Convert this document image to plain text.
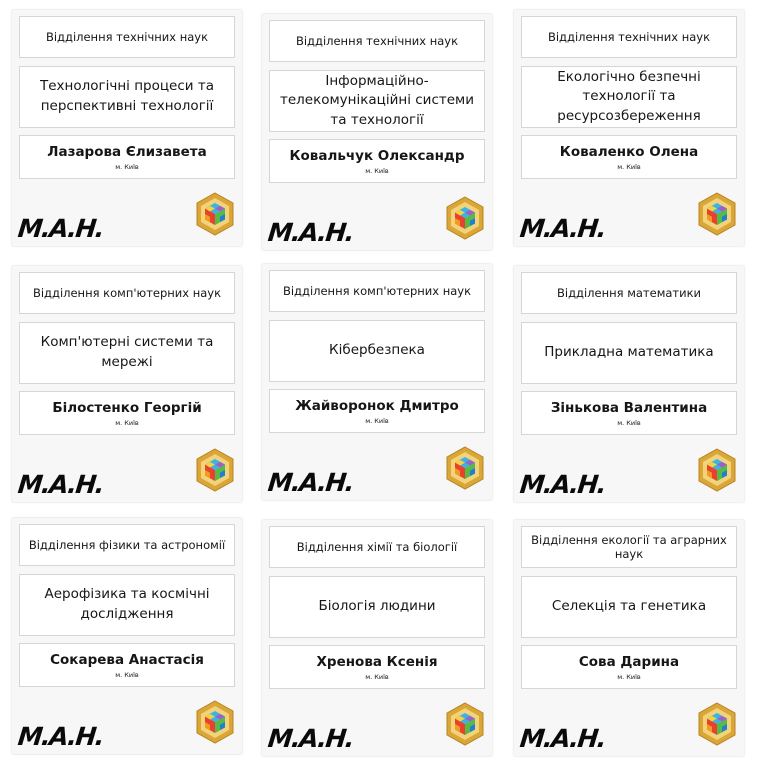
Відділення технічних наук
Технологічні процеси та перспективні технології
Лазарова Єлизавета
м. Київ
M.A.H.
Відділення технічних наук
Інформаційно-телекомунікаційні системи та технології
Ковальчук Олександр
м. Київ
M.A.H.
Відділення технічних наук
Екологічно безпечні технології та ресурсозбереження
Коваленко Олена
м. Київ
M.A.H.
Відділення комп'ютерних наук
Комп'ютерні системи та мережі
Білостенко Георгій
м. Київ
M.A.H.
Відділення комп'ютерних наук
Кібербезпека
Жайворонок Дмитро
м. Київ
M.A.H.
Відділення математики
Прикладна математика
Зінькова Валентина
м. Київ
M.A.H.
Відділення фізики та астрономії
Аерофізика та космічні дослідження
Сокарева Анастасія
м. Київ
M.A.H.
Відділення хімії та біології
Біологія людини
Хренова Ксенія
м. Київ
M.A.H.
Відділення екології та аграрних наук
Селекція та генетика
Сова Дарина
м. Київ
M.A.H.
